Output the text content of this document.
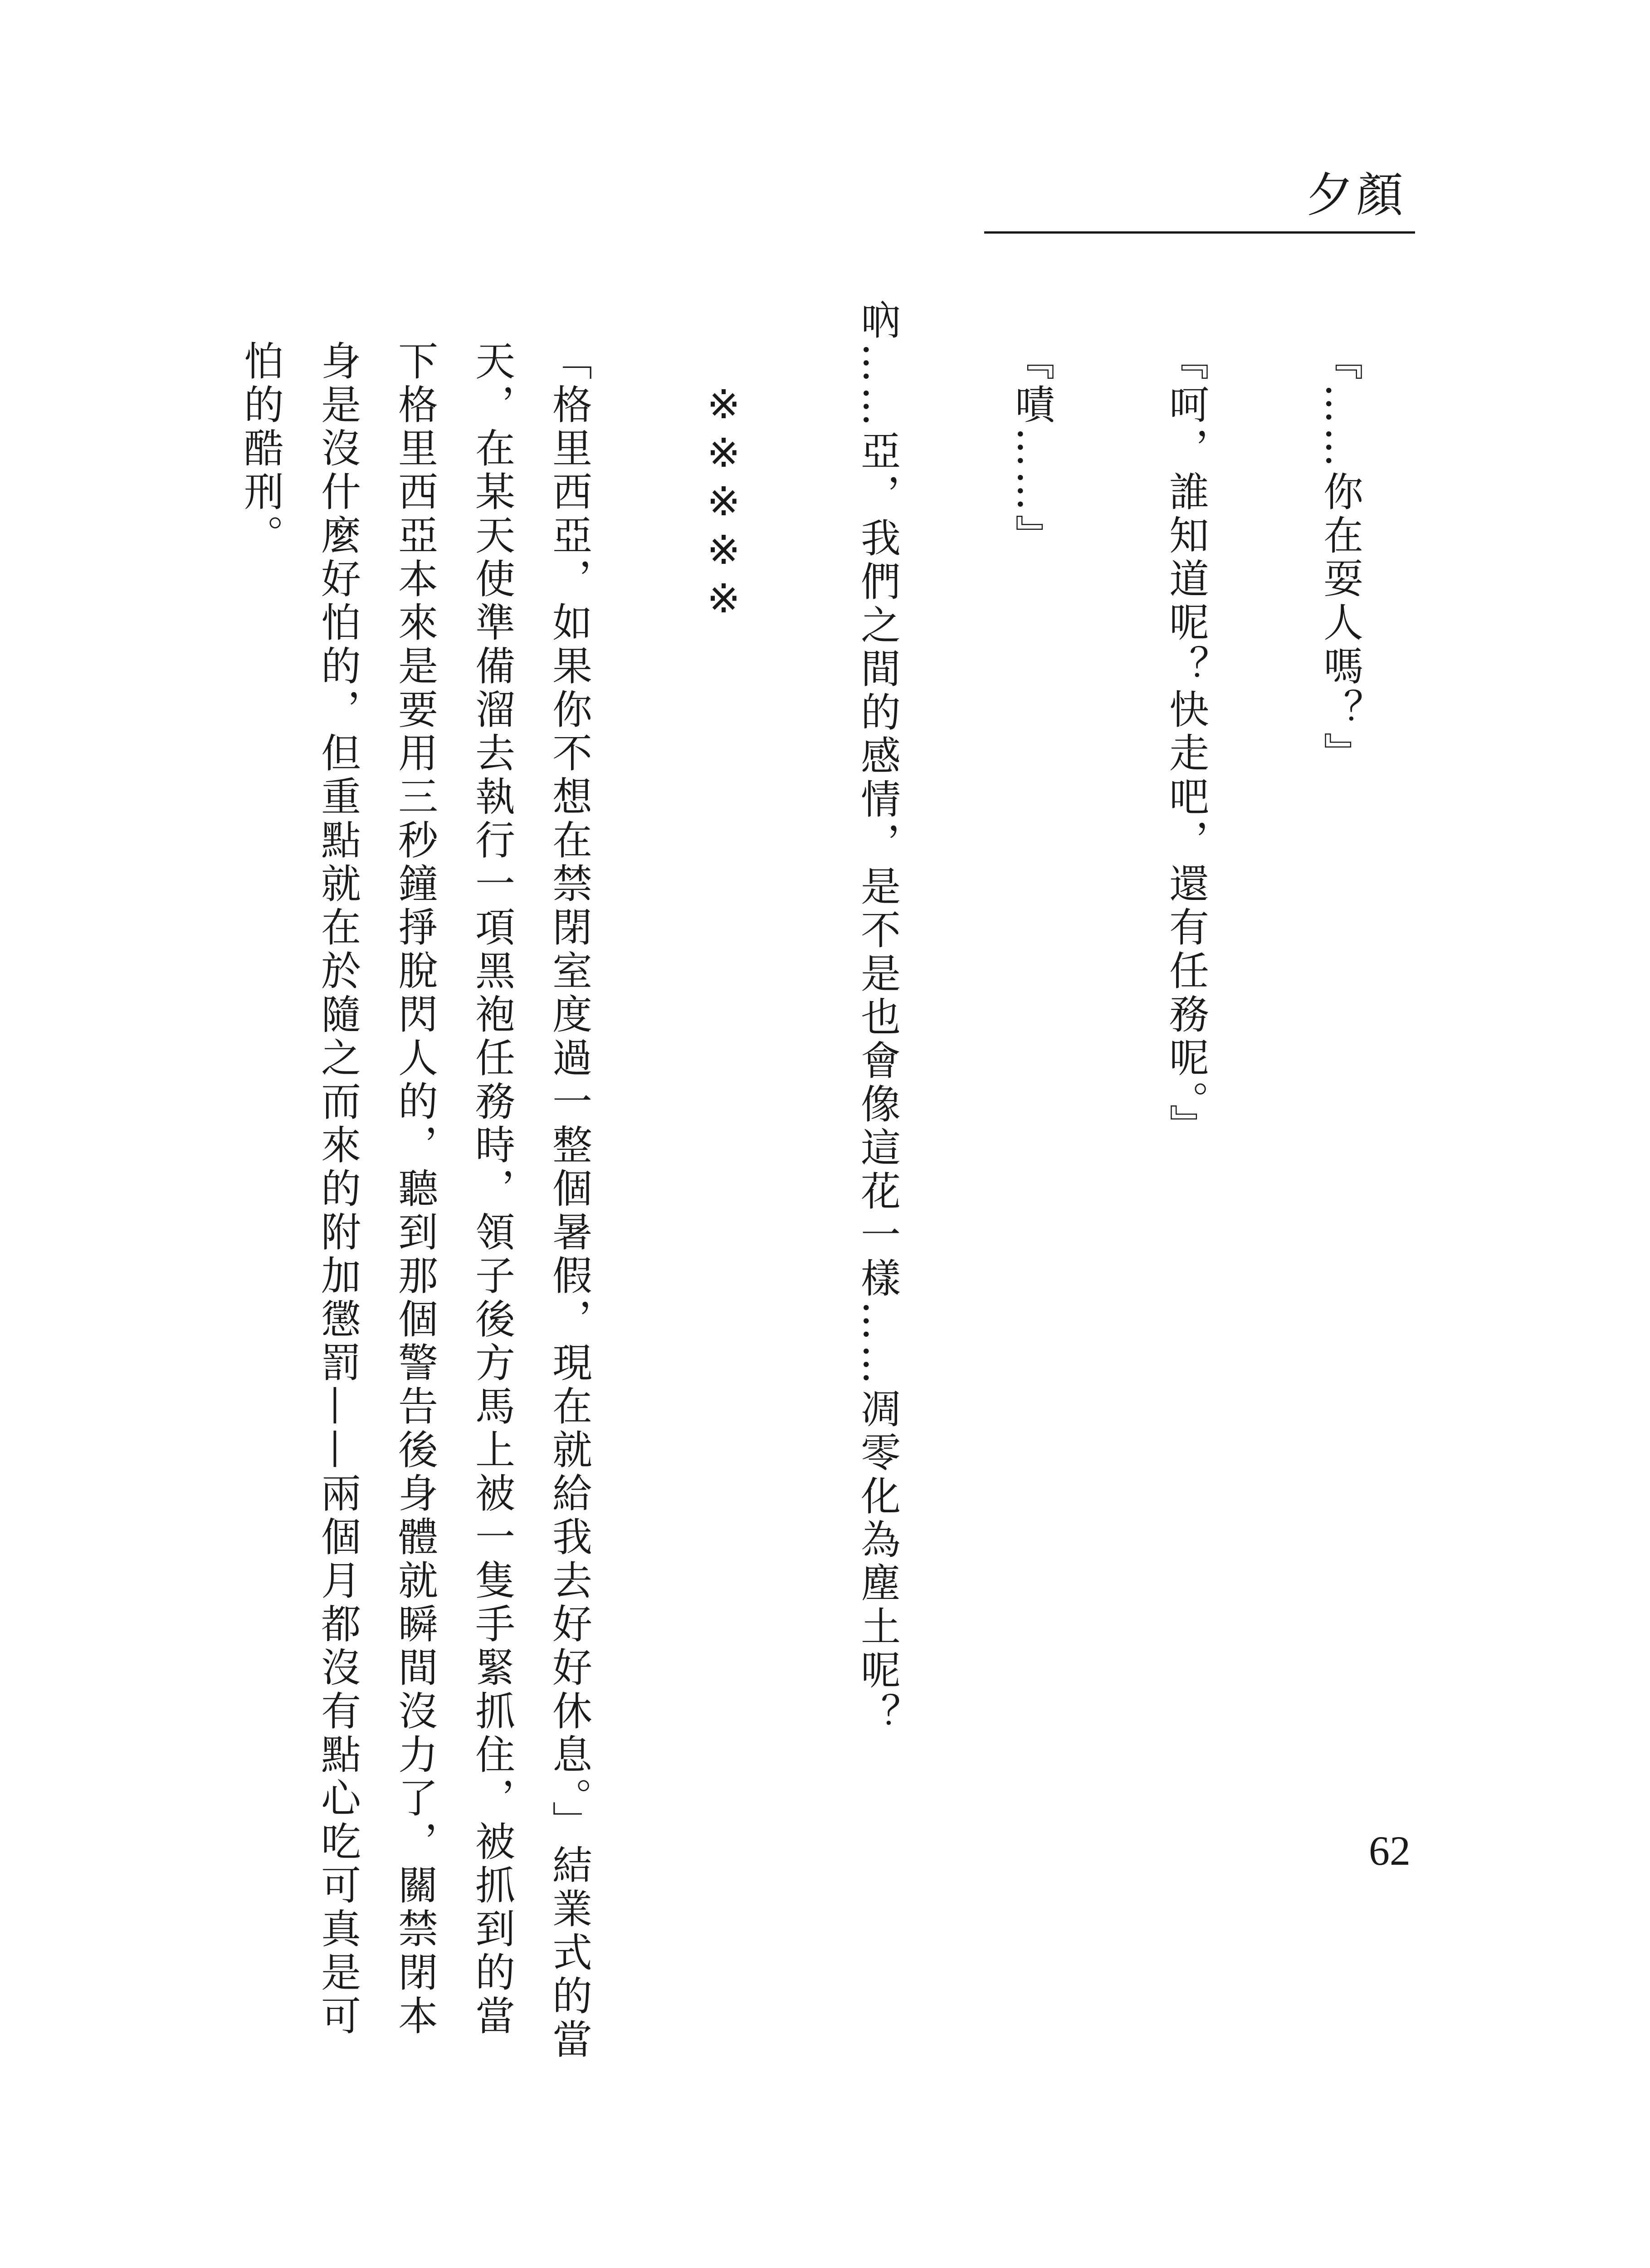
夕顏
『……你在耍人嗎？』
『呵，誰知道呢？快走吧，還有任務呢。』
『嘖……』
吶……亞，我們之間的感情，是不是也會像這花一樣……凋零化為塵土呢？
※※※※※
「格里西亞，如果你不想在禁閉室度過一整個暑假，現在就給我去好好休息。」結業式的當天，在某天使準備溜去執行一項黑袍任務時，領子後方馬上被一隻手緊抓住，被抓到的當下格里西亞本來是要用三秒鐘掙脫閃人的，聽到那個警告後身體就瞬間沒力了，關禁閉本身是沒什麼好怕的，但重點就在於隨之而來的附加懲罰——兩個月都沒有點心吃可真是可怕的酷刑。
62
